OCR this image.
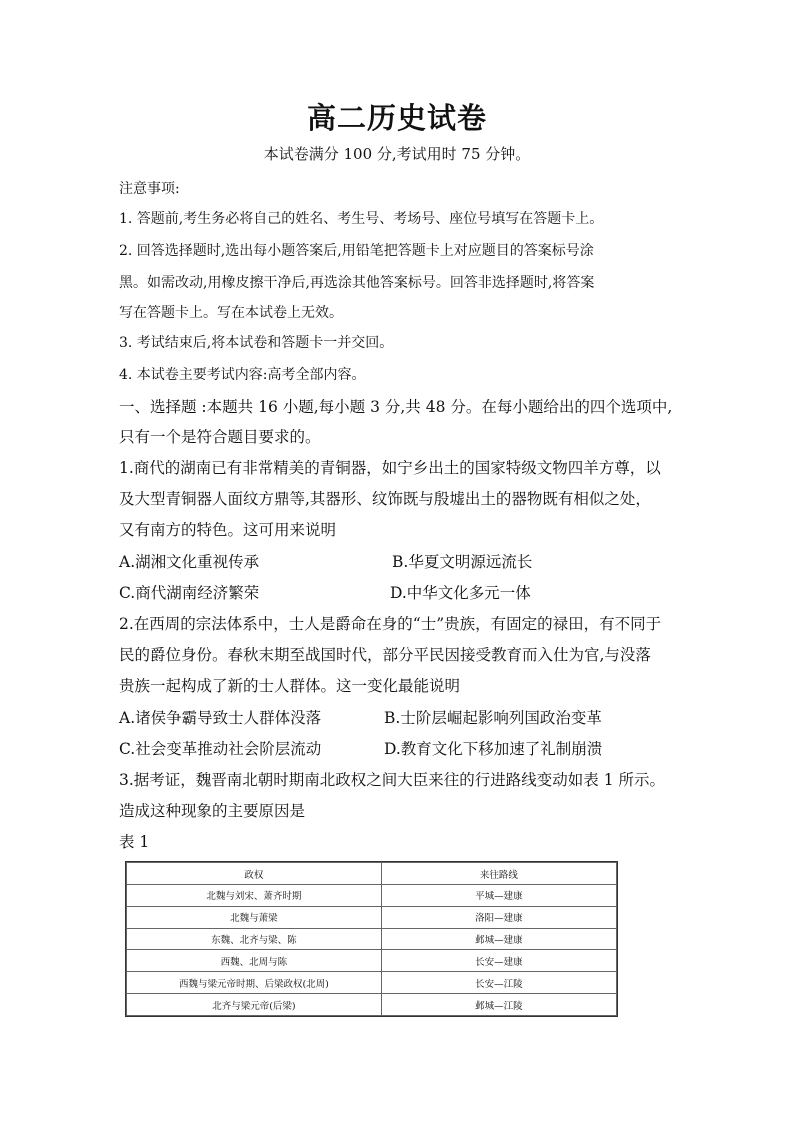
高二历史试卷
本试卷满分 100 分,考试用时 75 分钟。
注意事项:
1. 答题前,考生务必将自己的姓名、考生号、考场号、座位号填写在答题卡上。
2. 回答选择题时,选出每小题答案后,用铅笔把答题卡上对应题目的答案标号涂
黑。如需改动,用橡皮擦干净后,再选涂其他答案标号。回答非选择题时,将答案
写在答题卡上。写在本试卷上无效。
3. 考试结束后,将本试卷和答题卡一并交回。
4. 本试卷主要考试内容:高考全部内容。
一、选择题 :本题共 16 小题,每小题 3 分,共 48 分。在每小题给出的四个选项中,
只有一个是符合题目要求的。
1.商代的湖南已有非常精美的青铜器，如宁乡出土的国家特级文物四羊方尊，以
及大型青铜器人面纹方鼎等,其器形、纹饰既与殷墟出土的器物既有相似之处，
又有南方的特色。这可用来说明
A.湖湘文化重视传承	B.华夏文明源远流长
C.商代湖南经济繁荣	D.中华文化多元一体
2.在西周的宗法体系中，士人是爵命在身的“士”贵族，有固定的禄田，有不同于
民的爵位身份。春秋末期至战国时代，部分平民因接受教育而入仕为官,与没落
贵族一起构成了新的士人群体。这一变化最能说明
A.诸侯争霸导致士人群体没落	B.士阶层崛起影响列国政治变革
C.社会变革推动社会阶层流动	D.教育文化下移加速了礼制崩溃
3.据考证，魏晋南北朝时期南北政权之间大臣来往的行进路线变动如表 1 所示。
造成这种现象的主要原因是
表 1
政权	来往路线
北魏与刘宋、萧齐时期	平城—建康
北魏与萧梁	洛阳—建康
东魏、北齐与梁、陈	邺城—建康
西魏、北周与陈	长安—建康
西魏与梁元帝时期、后梁政权(北周)	长安—江陵
北齐与梁元帝(后梁)	邺城—江陵
